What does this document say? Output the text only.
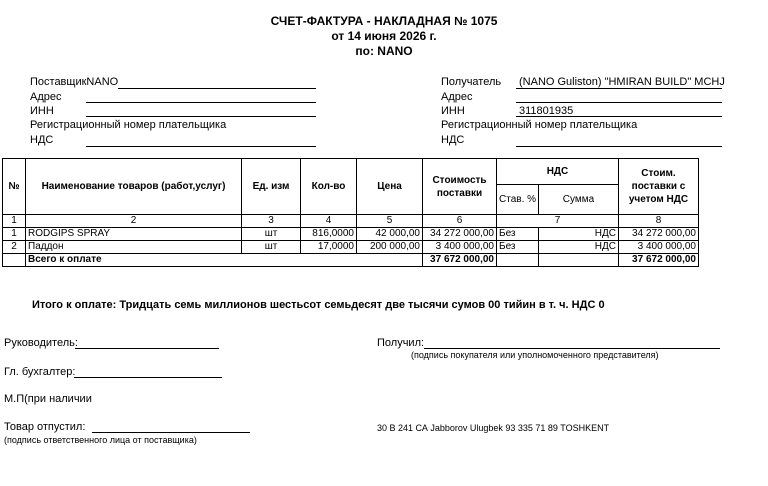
СЧЕТ-ФАКТУРА - НАКЛАДНАЯ № 1075
от 14 июня 2026 г.
по: NANO
ПоставщикNANO
Адрес
ИНН
Регистрационный номер плательщика
НДС
Получатель (NANO Guliston) "HMIRAN BUILD" MCHJ
Адрес
ИНН	311801935
Регистрационный номер плательщика
НДС
№	Наименование товаров (работ,услуг)	Ед. изм	Кол-во	Цена	Стоимость поставки	НДС		Стоим. поставки с учетом НДС
						Став. %	Сумма	
1	2	3	4	5	6	7		8
1	RODGIPS SPRAY	шт	816,0000	42 000,00	34 272 000,00	Без	НДС	34 272 000,00
2	Паддон	шт	17,0000	200 000,00	3 400 000,00	Без	НДС	3 400 000,00
	Всего к оплате				37 672 000,00			37 672 000,00
Итого к оплате: Тридцать семь миллионов шестьсот семьдесят две тысячи сумов 00 тийин в т. ч. НДС 0
Руководитель:	Получил:
(подпись покупателя или уполномоченного представителя)
Гл. бухгалтер:
М.П(при наличии
Товар отпустил:
(подпись ответственного лица от поставщика)
30 В 241 СА Jabborov Ulugbek 93 335 71 89 TOSHKENT
